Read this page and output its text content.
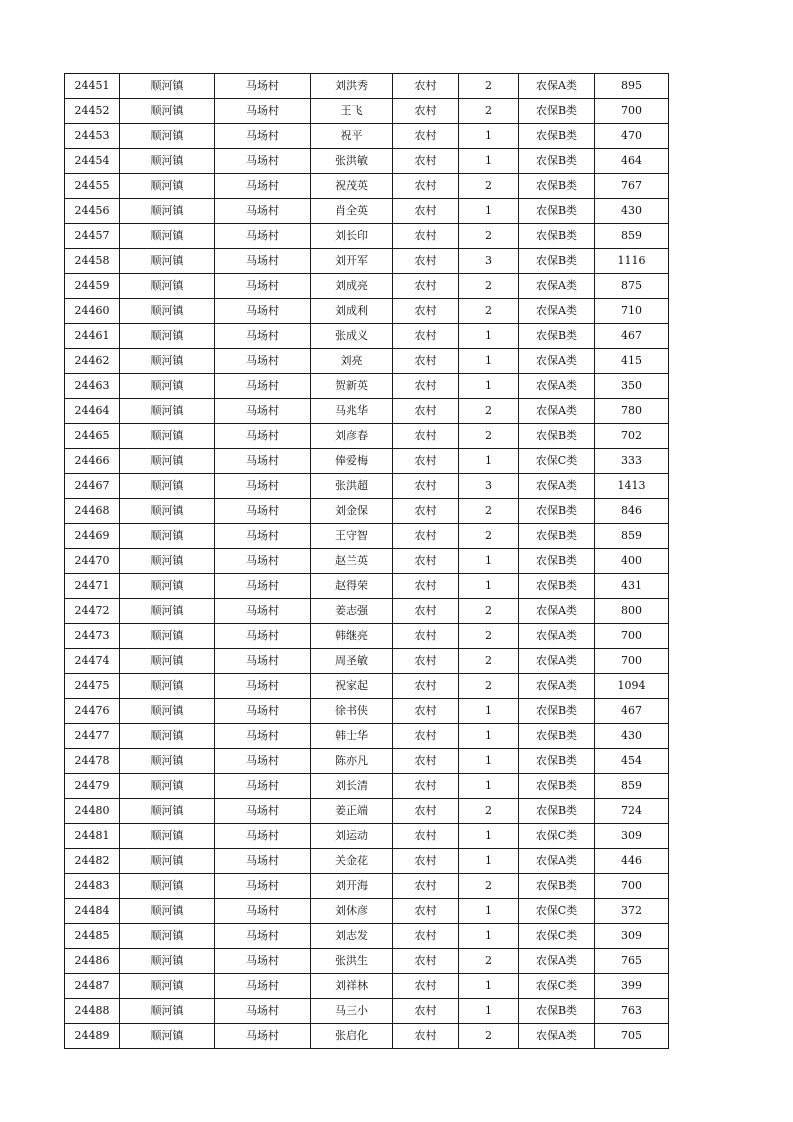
24451	顺河镇	马场村	刘洪秀	农村	2	农保A类	895
24452	顺河镇	马场村	王飞	农村	2	农保B类	700
24453	顺河镇	马场村	祝平	农村	1	农保B类	470
24454	顺河镇	马场村	张洪敏	农村	1	农保B类	464
24455	顺河镇	马场村	祝茂英	农村	2	农保B类	767
24456	顺河镇	马场村	肖全英	农村	1	农保B类	430
24457	顺河镇	马场村	刘长印	农村	2	农保B类	859
24458	顺河镇	马场村	刘开军	农村	3	农保B类	1116
24459	顺河镇	马场村	刘成亮	农村	2	农保A类	875
24460	顺河镇	马场村	刘成利	农村	2	农保A类	710
24461	顺河镇	马场村	张成义	农村	1	农保B类	467
24462	顺河镇	马场村	刘亮	农村	1	农保A类	415
24463	顺河镇	马场村	贺新英	农村	1	农保A类	350
24464	顺河镇	马场村	马兆华	农村	2	农保A类	780
24465	顺河镇	马场村	刘彦春	农村	2	农保B类	702
24466	顺河镇	马场村	俸爱梅	农村	1	农保C类	333
24467	顺河镇	马场村	张洪超	农村	3	农保A类	1413
24468	顺河镇	马场村	刘金保	农村	2	农保B类	846
24469	顺河镇	马场村	王守智	农村	2	农保B类	859
24470	顺河镇	马场村	赵兰英	农村	1	农保B类	400
24471	顺河镇	马场村	赵得荣	农村	1	农保B类	431
24472	顺河镇	马场村	姜志强	农村	2	农保A类	800
24473	顺河镇	马场村	韩继亮	农村	2	农保A类	700
24474	顺河镇	马场村	周圣敏	农村	2	农保A类	700
24475	顺河镇	马场村	祝家起	农村	2	农保A类	1094
24476	顺河镇	马场村	徐书侠	农村	1	农保B类	467
24477	顺河镇	马场村	韩士华	农村	1	农保B类	430
24478	顺河镇	马场村	陈亦凡	农村	1	农保B类	454
24479	顺河镇	马场村	刘长清	农村	1	农保B类	859
24480	顺河镇	马场村	姜正端	农村	2	农保B类	724
24481	顺河镇	马场村	刘运动	农村	1	农保C类	309
24482	顺河镇	马场村	关金花	农村	1	农保A类	446
24483	顺河镇	马场村	刘开海	农村	2	农保B类	700
24484	顺河镇	马场村	刘休彦	农村	1	农保C类	372
24485	顺河镇	马场村	刘志发	农村	1	农保C类	309
24486	顺河镇	马场村	张洪生	农村	2	农保A类	765
24487	顺河镇	马场村	刘祥林	农村	1	农保C类	399
24488	顺河镇	马场村	马三小	农村	1	农保B类	763
24489	顺河镇	马场村	张启化	农村	2	农保A类	705
